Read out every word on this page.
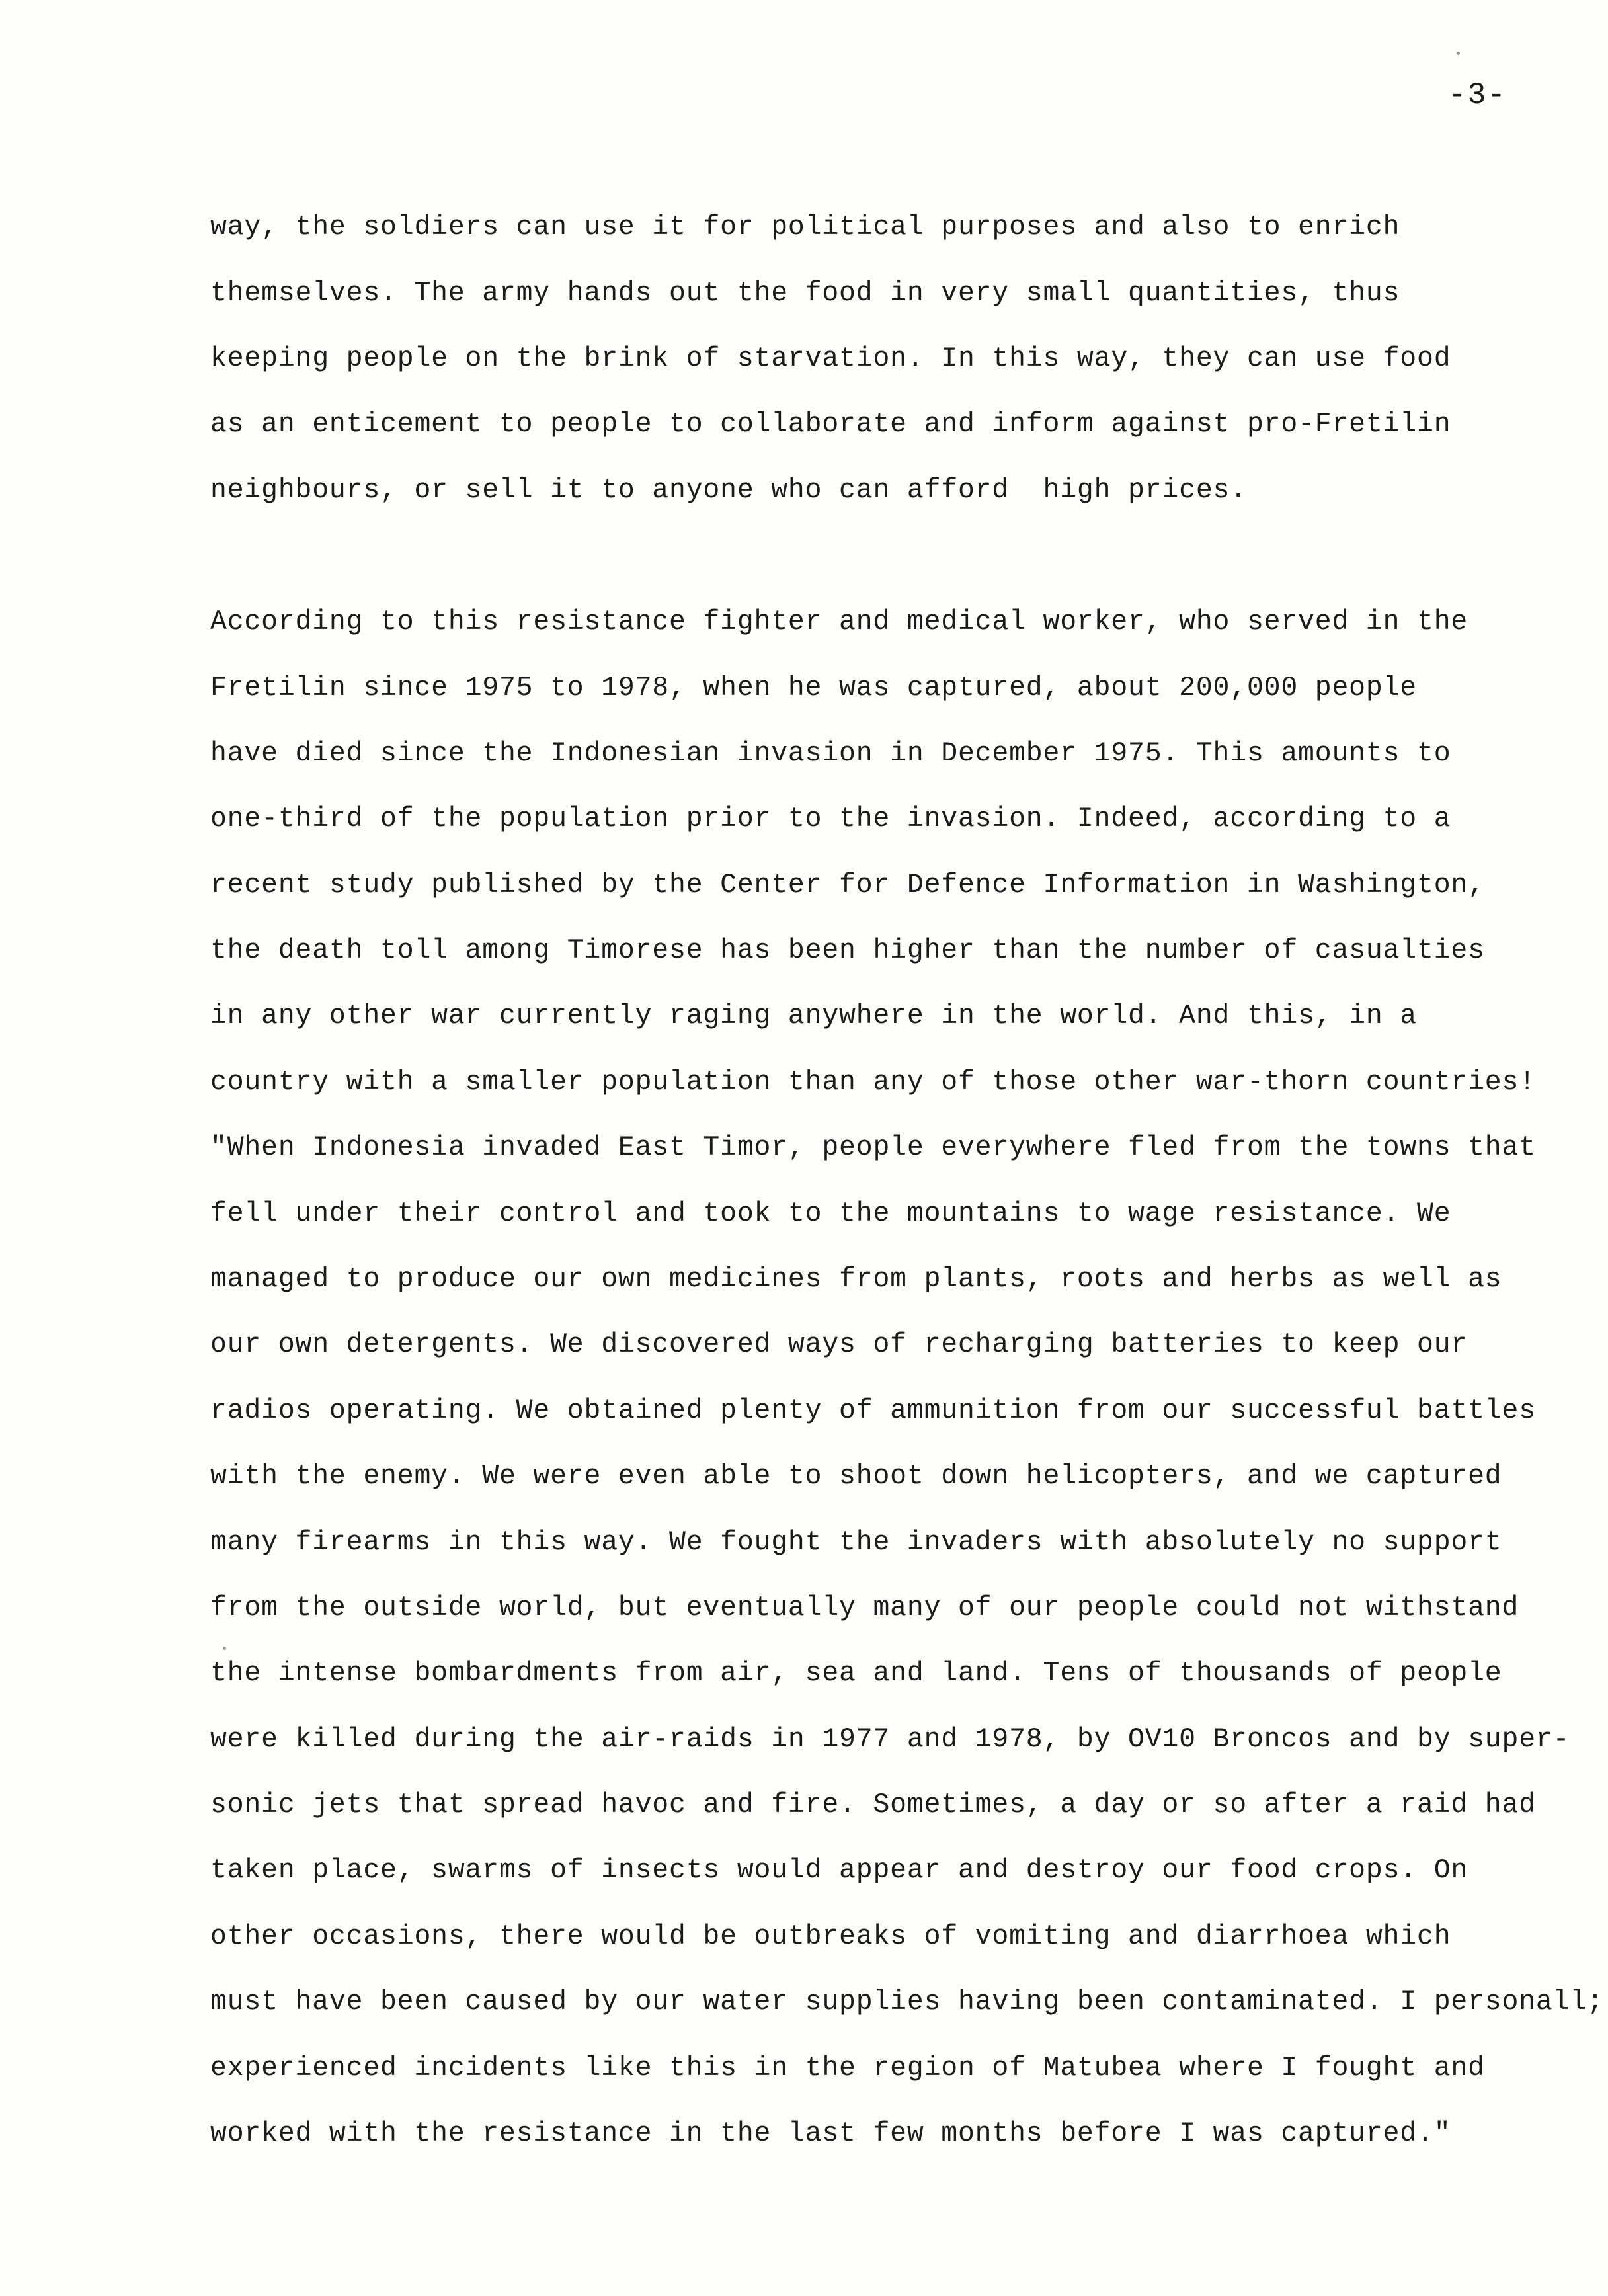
-3-
way, the soldiers can use it for political purposes and also to enrich
themselves. The army hands out the food in very small quantities, thus
keeping people on the brink of starvation. In this way, they can use food
as an enticement to people to collaborate and inform against pro-Fretilin
neighbours, or sell it to anyone who can afford  high prices.
According to this resistance fighter and medical worker, who served in the
Fretilin since 1975 to 1978, when he was captured, about 200,000 people
have died since the Indonesian invasion in December 1975. This amounts to
one-third of the population prior to the invasion. Indeed, according to a
recent study published by the Center for Defence Information in Washington,
the death toll among Timorese has been higher than the number of casualties
in any other war currently raging anywhere in the world. And this, in a
country with a smaller population than any of those other war-thorn countries!
"When Indonesia invaded East Timor, people everywhere fled from the towns that
fell under their control and took to the mountains to wage resistance. We
managed to produce our own medicines from plants, roots and herbs as well as
our own detergents. We discovered ways of recharging batteries to keep our
radios operating. We obtained plenty of ammunition from our successful battles
with the enemy. We were even able to shoot down helicopters, and we captured
many firearms in this way. We fought the invaders with absolutely no support
from the outside world, but eventually many of our people could not withstand
the intense bombardments from air, sea and land. Tens of thousands of people
were killed during the air-raids in 1977 and 1978, by OV10 Broncos and by super-
sonic jets that spread havoc and fire. Sometimes, a day or so after a raid had
taken place, swarms of insects would appear and destroy our food crops. On
other occasions, there would be outbreaks of vomiting and diarrhoea which
must have been caused by our water supplies having been contaminated. I personall;
experienced incidents like this in the region of Matubea where I fought and
worked with the resistance in the last few months before I was captured."
